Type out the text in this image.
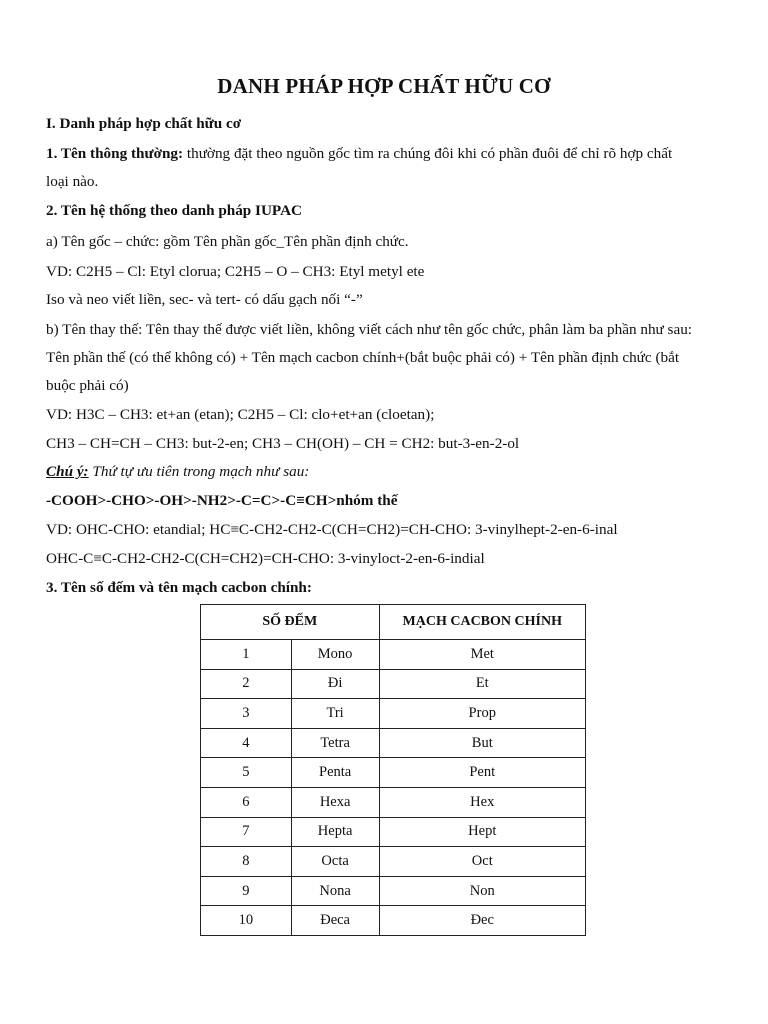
DANH PHÁP HỢP CHẤT HỮU CƠ
I. Danh pháp hợp chất hữu cơ
1. Tên thông thường: thường đặt theo nguồn gốc tìm ra chúng đôi khi có phần đuôi để chỉ rõ hợp chất
loại nào.
2. Tên hệ thống theo danh pháp IUPAC
a) Tên gốc – chức: gồm Tên phần gốc_Tên phần định chức.
VD: C2H5 – Cl: Etyl clorua; C2H5 – O – CH3: Etyl metyl ete
Iso và neo viết liền, sec- và tert- có dấu gạch nối “-”
b) Tên thay thế: Tên thay thế được viết liền, không viết cách như tên gốc chức, phân làm ba phần như sau:
Tên phần thế (có thể không có) + Tên mạch cacbon chính+(bắt buộc phải có) + Tên phần định chức (bắt
buộc phải có)
VD: H3C – CH3: et+an (etan); C2H5 – Cl: clo+et+an (cloetan);
CH3 – CH=CH – CH3: but-2-en; CH3 – CH(OH) – CH = CH2: but-3-en-2-ol
Chú ý: Thứ tự ưu tiên trong mạch như sau:
-COOH>-CHO>-OH>-NH2>-C=C>-C≡CH>nhóm thế
VD: OHC-CHO: etandial; HC≡C-CH2-CH2-C(CH=CH2)=CH-CHO: 3-vinylhept-2-en-6-inal
OHC-C≡C-CH2-CH2-C(CH=CH2)=CH-CHO: 3-vinyloct-2-en-6-indial
3. Tên số đếm và tên mạch cacbon chính:
SỐ ĐẾM		MẠCH CACBON CHÍNH
1	Mono	Met
2	Đi	Et
3	Tri	Prop
4	Tetra	But
5	Penta	Pent
6	Hexa	Hex
7	Hepta	Hept
8	Octa	Oct
9	Nona	Non
10	Đeca	Đec
